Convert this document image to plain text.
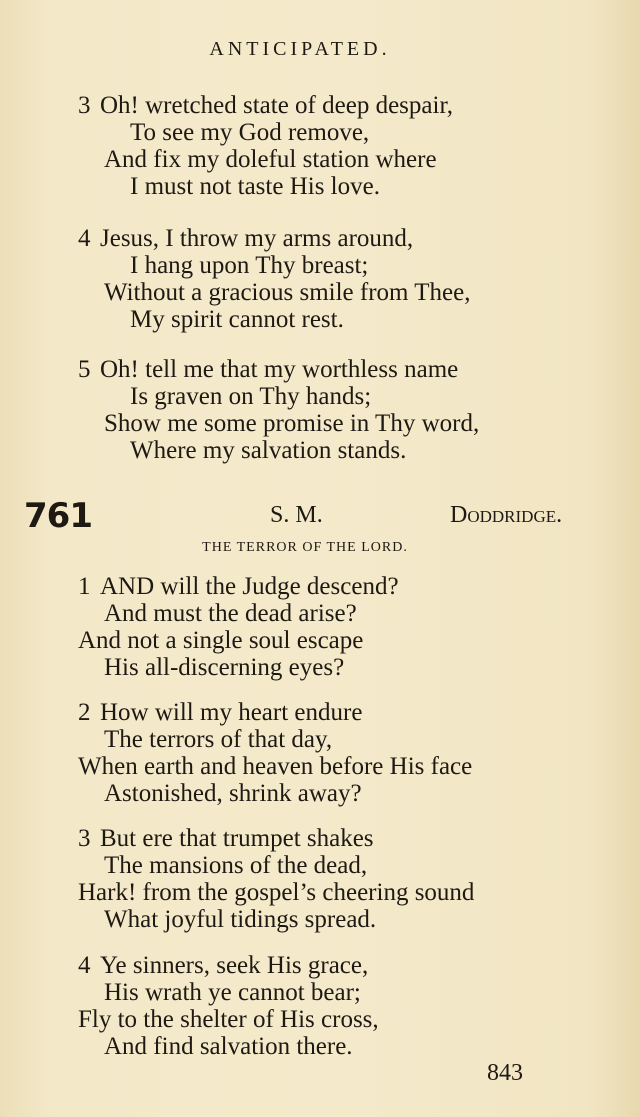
ANTICIPATED.
3 Oh! wretched state of deep despair,
To see my God remove,
And fix my doleful station where
I must not taste His love.
4 Jesus, I throw my arms around,
I hang upon Thy breast;
Without a gracious smile from Thee,
My spirit cannot rest.
5 Oh! tell me that my worthless name
Is graven on Thy hands;
Show me some promise in Thy word,
Where my salvation stands.
761	S. M.	Doddridge.
THE TERROR OF THE LORD.
1 AND will the Judge descend?
And must the dead arise?
And not a single soul escape
His all-discerning eyes?
2 How will my heart endure
The terrors of that day,
When earth and heaven before His face
Astonished, shrink away?
3 But ere that trumpet shakes
The mansions of the dead,
Hark! from the gospel’s cheering sound
What joyful tidings spread.
4 Ye sinners, seek His grace,
His wrath ye cannot bear;
Fly to the shelter of His cross,
And find salvation there.
843
